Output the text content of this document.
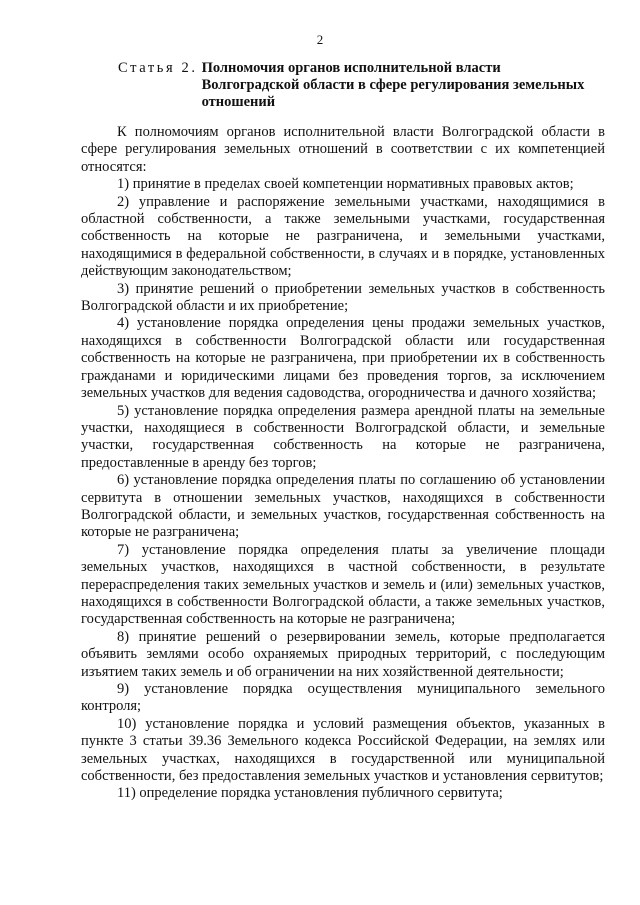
2
Статья 2. Полномочия органов исполнительной власти Волгоградской области в сфере регулирования земельных отношений

К полномочиям органов исполнительной власти Волгоградской области в сфере регулирования земельных отношений в соответствии с их компетенцией относятся:

1) принятие в пределах своей компетенции нормативных правовых актов;

2) управление и распоряжение земельными участками, находящимися в областной собственности, а также земельными участками, государственная собственность на которые не разграничена, и земельными участками, находящимися в федеральной собственности, в случаях и в порядке, установленных действующим законодательством;

3) принятие решений о приобретении земельных участков в собственность Волгоградской области и их приобретение;

4) установление порядка определения цены продажи земельных участков, находящихся в собственности Волгоградской области или государственная собственность на которые не разграничена, при приобретении их в собственность гражданами и юридическими лицами без проведения торгов, за исключением земельных участков для ведения садоводства, огородничества и дачного хозяйства;

5) установление порядка определения размера арендной платы на земельные участки, находящиеся в собственности Волгоградской области, и земельные участки, государственная собственность на которые не разграничена, предоставленные в аренду без торгов;

6) установление порядка определения платы по соглашению об установлении сервитута в отношении земельных участков, находящихся в собственности Волгоградской области, и земельных участков, государственная собственность на которые не разграничена;

7) установление порядка определения платы за увеличение площади земельных участков, находящихся в частной собственности, в результате перераспределения таких земельных участков и земель и (или) земельных участков, находящихся в собственности Волгоградской области, а также земельных участков, государственная собственность на которые не разграничена;

8) принятие решений о резервировании земель, которые предполагается объявить землями особо охраняемых природных территорий, с последующим изъятием таких земель и об ограничении на них хозяйственной деятельности;

9) установление порядка осуществления муниципального земельного контроля;

10) установление порядка и условий размещения объектов, указанных в пункте 3 статьи 39.36 Земельного кодекса Российской Федерации, на землях или земельных участках, находящихся в государственной или муниципальной собственности, без предоставления земельных участков и установления сервитутов;

11) определение порядка установления публичного сервитута;
